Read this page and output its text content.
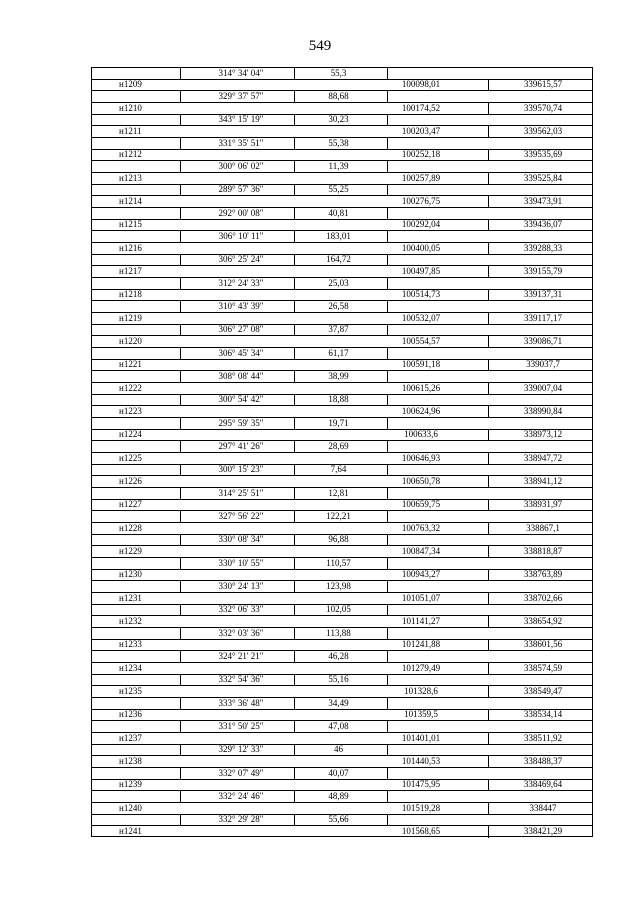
549
314° 34' 04"	55,3
н1209	100098,01	339615,57
329° 37' 57"	88,68
н1210	100174,52	339570,74
343° 15' 19"	30,23
н1211	100203,47	339562,03
331° 35' 51"	55,38
н1212	100252,18	339535,69
300° 06' 02"	11,39
н1213	100257,89	339525,84
289° 57' 36"	55,25
н1214	100276,75	339473,91
292° 00' 08"	40,81
н1215	100292,04	339436,07
306° 10' 11"	183,01
н1216	100400,05	339288,33
306° 25' 24"	164,72
н1217	100497,85	339155,79
312° 24' 33"	25,03
н1218	100514,73	339137,31
310° 43' 39"	26,58
н1219	100532,07	339117,17
306° 27' 08"	37,87
н1220	100554,57	339086,71
306° 45' 34"	61,17
н1221	100591,18	339037,7
308° 08' 44"	38,99
н1222	100615,26	339007,04
300° 54' 42"	18,88
н1223	100624,96	338990,84
295° 59' 35"	19,71
н1224	100633,6	338973,12
297° 41' 26"	28,69
н1225	100646,93	338947,72
300° 15' 23"	7,64
н1226	100650,78	338941,12
314° 25' 51"	12,81
н1227	100659,75	338931,97
327° 56' 22"	122,21
н1228	100763,32	338867,1
330° 08' 34"	96,88
н1229	100847,34	338818,87
330° 10' 55"	110,57
н1230	100943,27	338763,89
330° 24' 13"	123,98
н1231	101051,07	338702,66
332° 06' 33"	102,05
н1232	101141,27	338654,92
332° 03' 36"	113,88
н1233	101241,88	338601,56
324° 21' 21"	46,28
н1234	101279,49	338574,59
332° 54' 36"	55,16
н1235	101328,6	338549,47
333° 36' 48"	34,49
н1236	101359,5	338534,14
331° 50' 25"	47,08
н1237	101401,01	338511,92
329° 12' 33"	46
н1238	101440,53	338488,37
332° 07' 49"	40,07
н1239	101475,95	338469,64
332° 24' 46"	48,89
н1240	101519,28	338447
332° 29' 28"	55,66
н1241	101568,65	338421,29
